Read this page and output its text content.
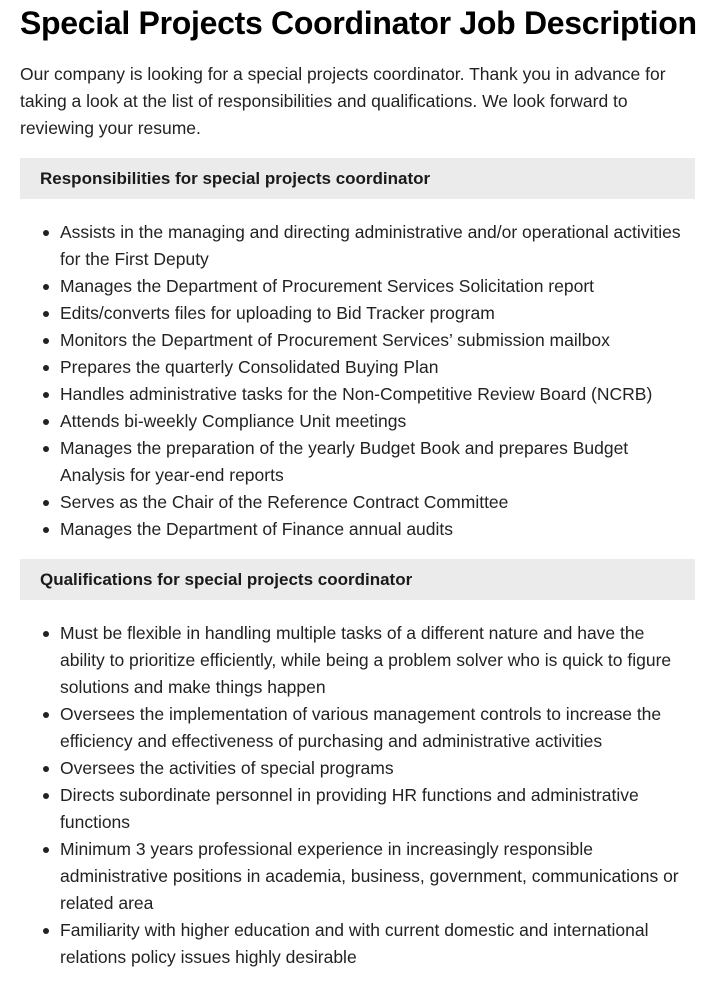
Special Projects Coordinator Job Description

Our company is looking for a special projects coordinator. Thank you in advance for taking a look at the list of responsibilities and qualifications. We look forward to reviewing your resume.

Responsibilities for special projects coordinator
Assists in the managing and directing administrative and/or operational activities for the First Deputy
Manages the Department of Procurement Services Solicitation report
Edits/converts files for uploading to Bid Tracker program
Monitors the Department of Procurement Services’ submission mailbox
Prepares the quarterly Consolidated Buying Plan
Handles administrative tasks for the Non-Competitive Review Board (NCRB)
Attends bi-weekly Compliance Unit meetings
Manages the preparation of the yearly Budget Book and prepares Budget Analysis for year-end reports
Serves as the Chair of the Reference Contract Committee
Manages the Department of Finance annual audits
Qualifications for special projects coordinator
Must be flexible in handling multiple tasks of a different nature and have the ability to prioritize efficiently, while being a problem solver who is quick to figure solutions and make things happen
Oversees the implementation of various management controls to increase the efficiency and effectiveness of purchasing and administrative activities
Oversees the activities of special programs
Directs subordinate personnel in providing HR functions and administrative functions
Minimum 3 years professional experience in increasingly responsible administrative positions in academia, business, government, communications or related area
Familiarity with higher education and with current domestic and international relations policy issues highly desirable
